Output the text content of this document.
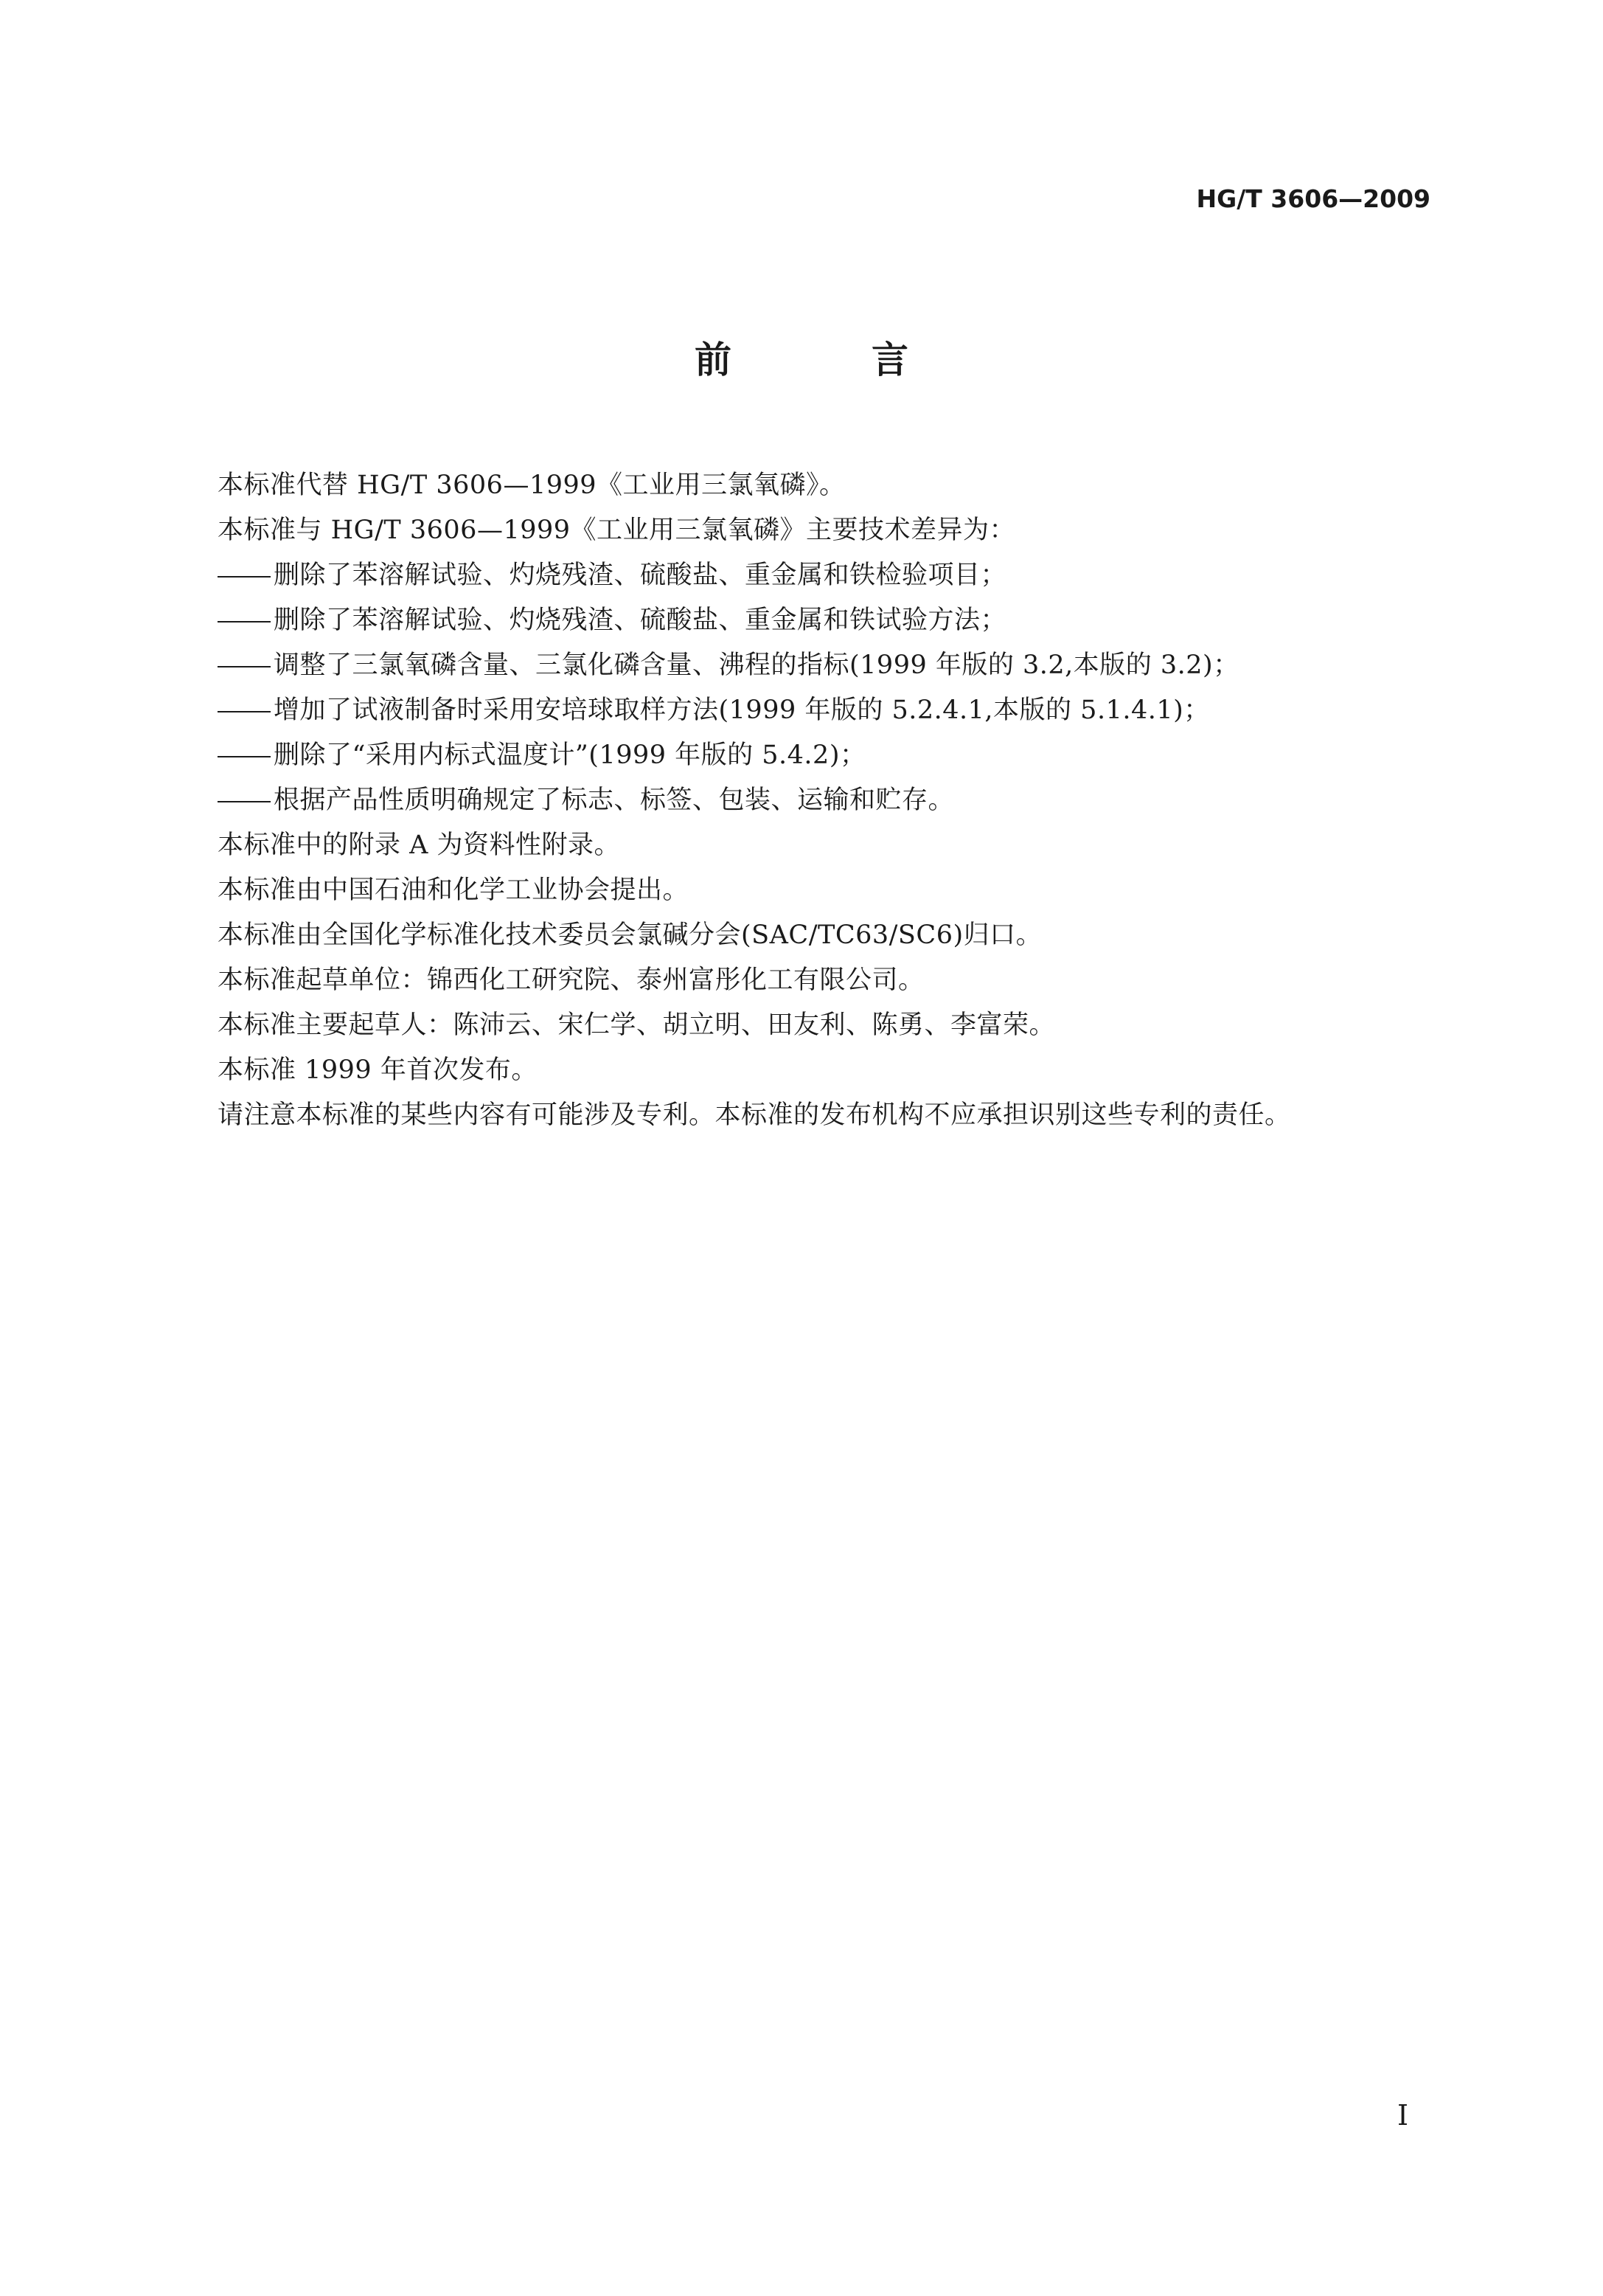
HG/T 3606—2009
前　言
本标准代替 HG/T 3606—1999《工业用三氯氧磷》。
本标准与 HG/T 3606—1999《工业用三氯氧磷》主要技术差异为：
删除了苯溶解试验、灼烧残渣、硫酸盐、重金属和铁检验项目；
删除了苯溶解试验、灼烧残渣、硫酸盐、重金属和铁试验方法；
调整了三氯氧磷含量、三氯化磷含量、沸程的指标(1999 年版的 3.2,本版的 3.2)；
增加了试液制备时采用安培球取样方法(1999 年版的 5.2.4.1,本版的 5.1.4.1)；
删除了“采用内标式温度计”(1999 年版的 5.4.2)；
根据产品性质明确规定了标志、标签、包装、运输和贮存。
本标准中的附录 A 为资料性附录。
本标准由中国石油和化学工业协会提出。
本标准由全国化学标准化技术委员会氯碱分会(SAC/TC63/SC6)归口。
本标准起草单位：锦西化工研究院、泰州富彤化工有限公司。
本标准主要起草人：陈沛云、宋仁学、胡立明、田友利、陈勇、李富荣。
本标准 1999 年首次发布。
请注意本标准的某些内容有可能涉及专利。本标准的发布机构不应承担识别这些专利的责任。
I
